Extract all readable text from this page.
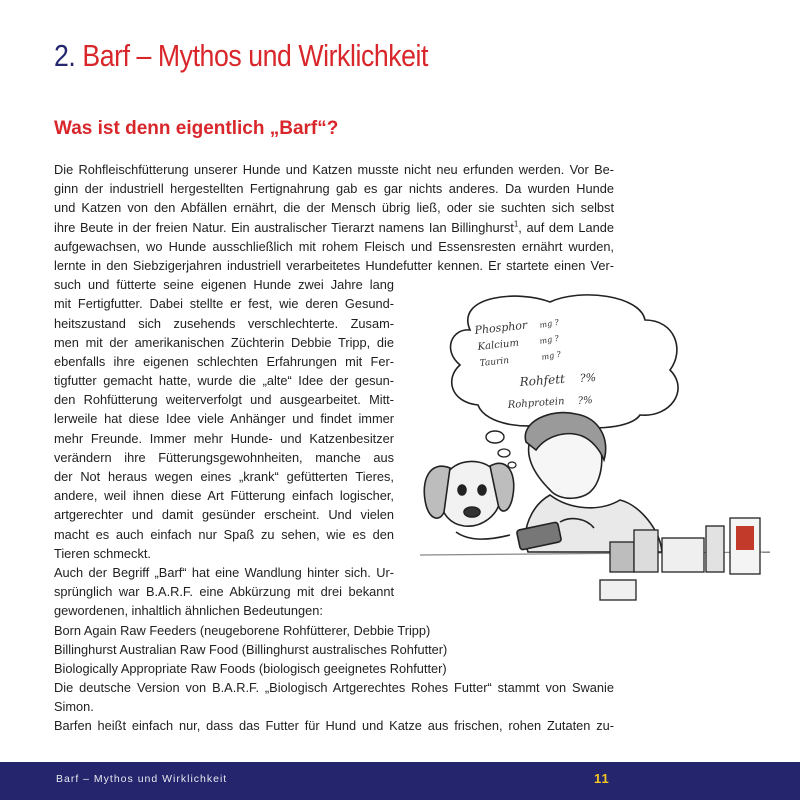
2. Barf – Mythos und Wirklichkeit
Was ist denn eigentlich „Barf“?
Die Rohfleischfütterung unserer Hunde und Katzen musste nicht neu erfunden werden. Vor Be-
ginn der industriell hergestellten Fertignahrung gab es gar nichts anderes. Da wurden Hunde
und Katzen von den Abfällen ernährt, die der Mensch übrig ließ, oder sie suchten sich selbst
ihre Beute in der freien Natur. Ein australischer Tierarzt namens Ian Billinghurst$^1$, auf dem Lande
aufgewachsen, wo Hunde ausschließlich mit rohem Fleisch und Essensresten ernährt wurden,
lernte in den Siebzigerjahren industriell verarbeitetes Hundefutter kennen. Er startete einen Ver-
such und fütterte seine eigenen Hunde zwei Jahre lang
mit Fertigfutter. Dabei stellte er fest, wie deren Gesund-
heitszustand sich zusehends verschlechterte. Zusam-
men mit der amerikanischen Züchterin Debbie Tripp, die
ebenfalls ihre eigenen schlechten Erfahrungen mit Fer-
tigfutter gemacht hatte, wurde die „alte“ Idee der gesun-
den Rohfütterung weiterverfolgt und ausgearbeitet. Mitt-
lerweile hat diese Idee viele Anhänger und findet immer
mehr Freunde. Immer mehr Hunde- und Katzenbesitzer
verändern ihre Fütterungsgewohnheiten, manche aus
der Not heraus wegen eines „krank“ gefütterten Tieres,
andere, weil ihnen diese Art Fütterung einfach logischer,
artgerechter und damit gesünder erscheint. Und vielen
macht es auch einfach nur Spaß zu sehen, wie es den
Tieren schmeckt.
Auch der Begriff „Barf“ hat eine Wandlung hinter sich. Ur-
sprünglich war B.A.R.F. eine Abkürzung mit drei bekannt
gewordenen, inhaltlich ähnlichen Bedeutungen:
Born Again Raw Feeders (neugeborene Rohfütterer, Debbie Tripp)
Billinghurst Australian Raw Food (Billinghurst australisches Rohfutter)
Biologically Appropriate Raw Foods (biologisch geeignetes Rohfutter)
Die deutsche Version von B.A.R.F. „Biologisch Artgerechtes Rohes Futter“ stammt von Swanie
Simon.
Barfen heißt einfach nur, dass das Futter für Hund und Katze aus frischen, rohen Zutaten zu-
Phosphor mg ?
Kalcium mg ?
Taurin
mg ?
Rohfett ?%
Rohprotein ?%
Barf – Mythos und Wirklichkeit	11
